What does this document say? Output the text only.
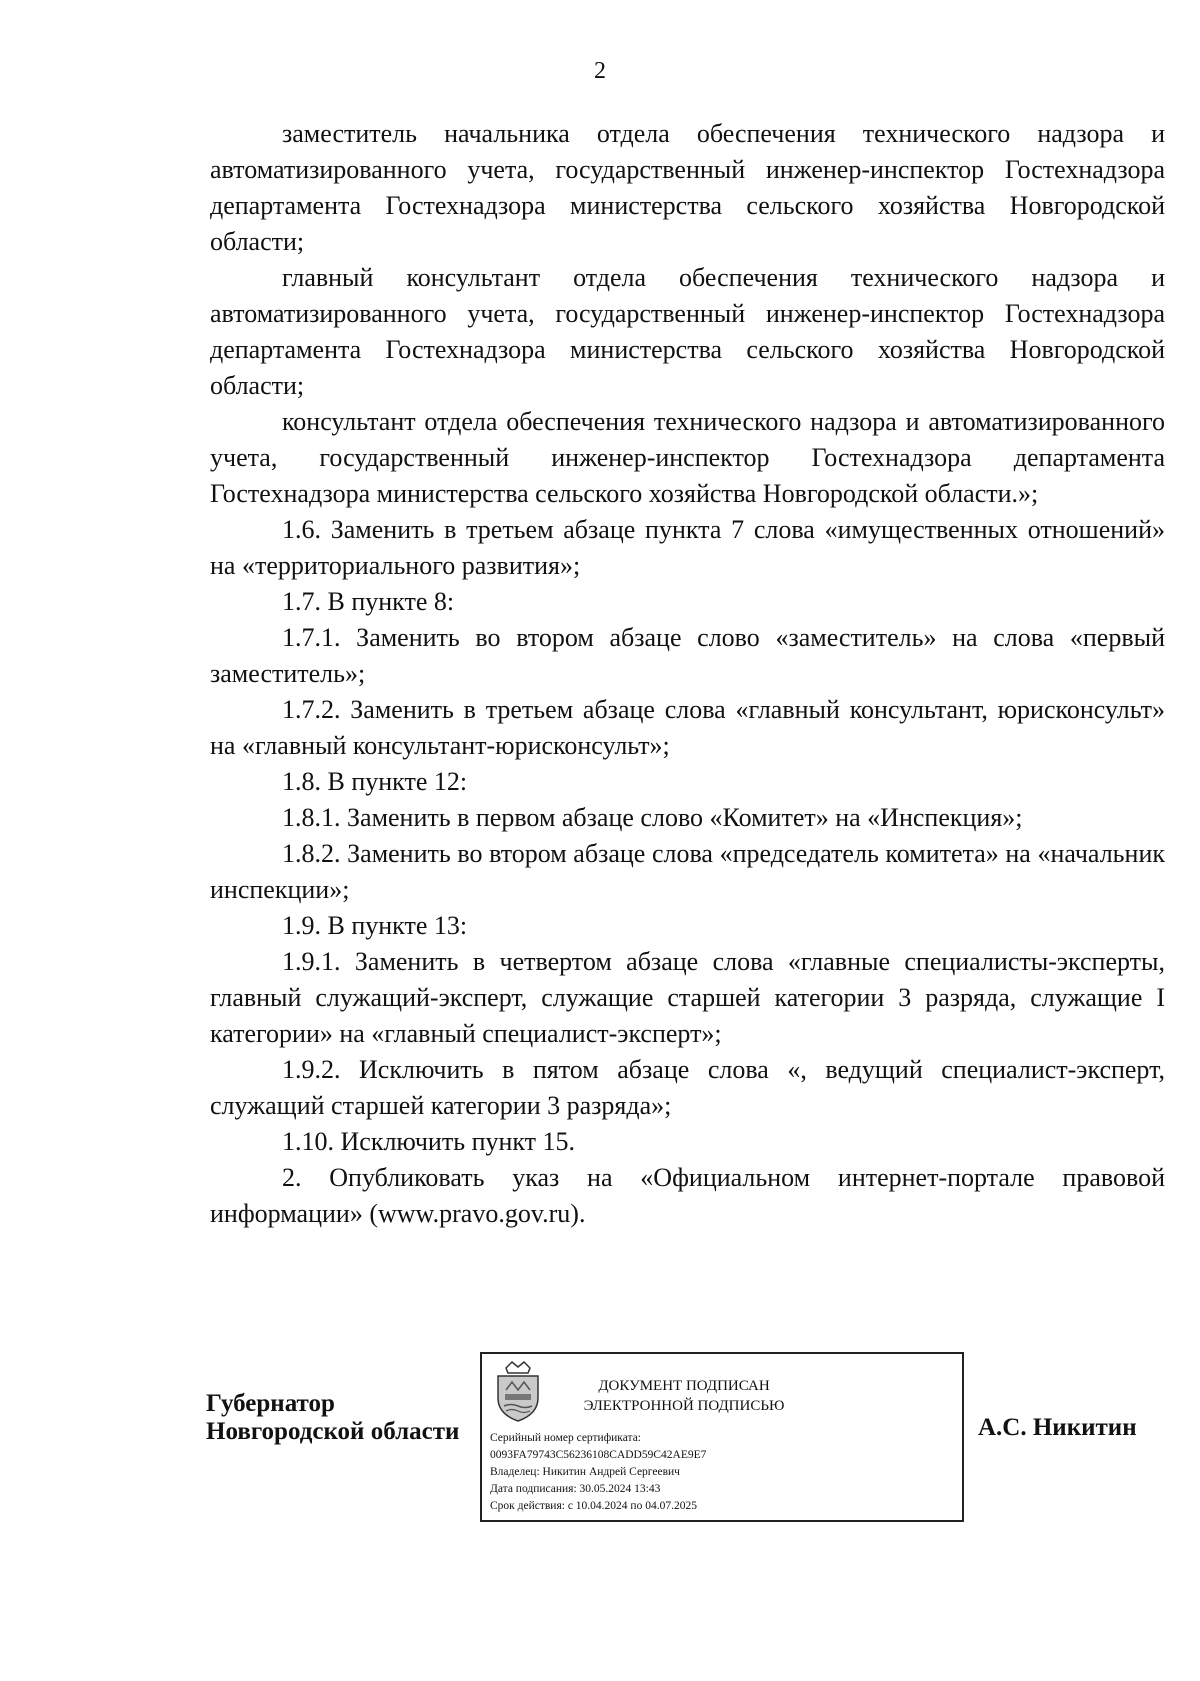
2

заместитель начальника отдела обеспечения технического надзора и автоматизированного учета, государственный инженер-инспектор Гостехнадзора департамента Гостехнадзора министерства сельского хозяйства Новгородской области;

главный консультант отдела обеспечения технического надзора и автоматизированного учета, государственный инженер-инспектор Гостехнадзора департамента Гостехнадзора министерства сельского хозяйства Новгородской области;

консультант отдела обеспечения технического надзора и автоматизированного учета, государственный инженер-инспектор Гостехнадзора департамента Гостехнадзора министерства сельского хозяйства Новгородской области.»;

1.6. Заменить в третьем абзаце пункта 7 слова «имущественных отношений» на «территориального развития»;

1.7. В пункте 8:

1.7.1. Заменить во втором абзаце слово «заместитель» на слова «первый заместитель»;

1.7.2. Заменить в третьем абзаце слова «главный консультант, юрисконсульт» на «главный консультант-юрисконсульт»;

1.8. В пункте 12:

1.8.1. Заменить в первом абзаце слово «Комитет» на «Инспекция»;

1.8.2. Заменить во втором абзаце слова «председатель комитета» на «начальник инспекции»;

1.9. В пункте 13:

1.9.1. Заменить в четвертом абзаце слова «главные специалисты-эксперты, главный служащий-эксперт, служащие старшей категории 3 разряда, служащие I категории» на «главный специалист-эксперт»;

1.9.2. Исключить в пятом абзаце слова «, ведущий специалист-эксперт, служащий старшей категории 3 разряда»;

1.10. Исключить пункт 15.

2. Опубликовать указ на «Официальном интернет-портале правовой информации» (www.pravo.gov.ru).

Губернатор
Новгородской области
ДОКУМЕНТ ПОДПИСАН
ЭЛЕКТРОННОЙ ПОДПИСЬЮ
Серийный номер сертификата:
0093FA79743C56236108CADD59C42AE9E7
Владелец: Никитин Андрей Сергеевич
Дата подписания: 30.05.2024 13:43
Срок действия: с 10.04.2024 по 04.07.2025
А.С. Никитин
